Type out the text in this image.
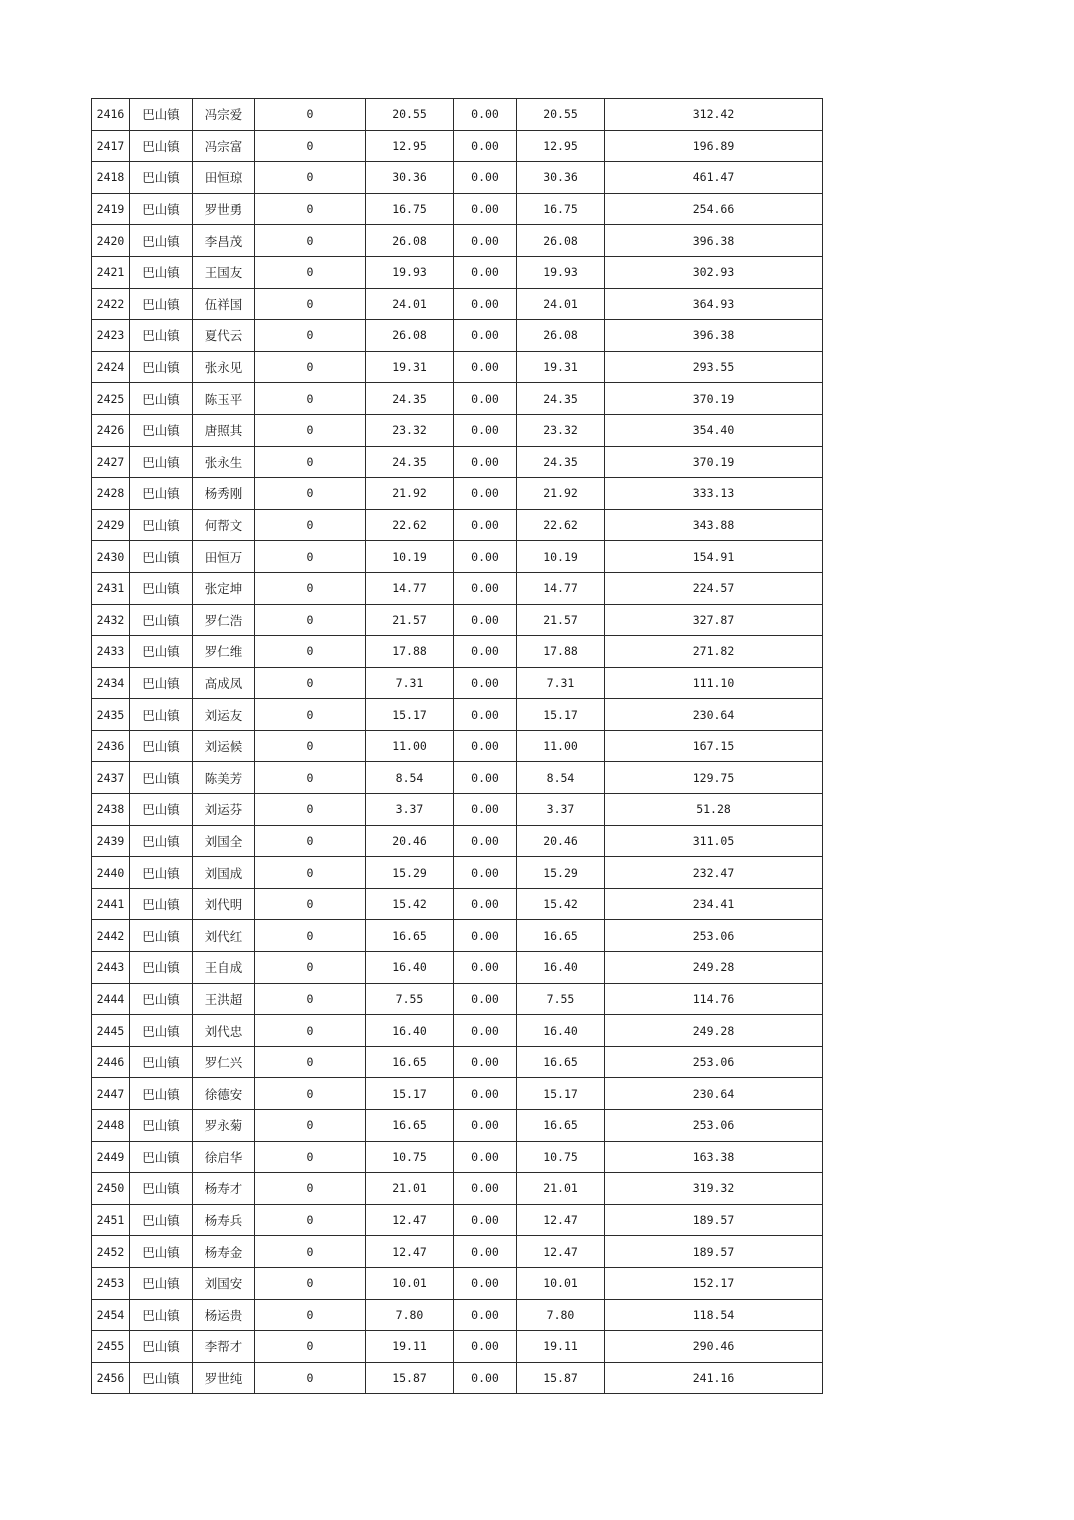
2416	巴山镇	冯宗爱	0	20.55	0.00	20.55	312.42
2417	巴山镇	冯宗富	0	12.95	0.00	12.95	196.89
2418	巴山镇	田恒琼	0	30.36	0.00	30.36	461.47
2419	巴山镇	罗世勇	0	16.75	0.00	16.75	254.66
2420	巴山镇	李昌茂	0	26.08	0.00	26.08	396.38
2421	巴山镇	王国友	0	19.93	0.00	19.93	302.93
2422	巴山镇	伍祥国	0	24.01	0.00	24.01	364.93
2423	巴山镇	夏代云	0	26.08	0.00	26.08	396.38
2424	巴山镇	张永见	0	19.31	0.00	19.31	293.55
2425	巴山镇	陈玉平	0	24.35	0.00	24.35	370.19
2426	巴山镇	唐照其	0	23.32	0.00	23.32	354.40
2427	巴山镇	张永生	0	24.35	0.00	24.35	370.19
2428	巴山镇	杨秀刚	0	21.92	0.00	21.92	333.13
2429	巴山镇	何帮文	0	22.62	0.00	22.62	343.88
2430	巴山镇	田恒万	0	10.19	0.00	10.19	154.91
2431	巴山镇	张定坤	0	14.77	0.00	14.77	224.57
2432	巴山镇	罗仁浩	0	21.57	0.00	21.57	327.87
2433	巴山镇	罗仁维	0	17.88	0.00	17.88	271.82
2434	巴山镇	高成凤	0	7.31	0.00	7.31	111.10
2435	巴山镇	刘运友	0	15.17	0.00	15.17	230.64
2436	巴山镇	刘运候	0	11.00	0.00	11.00	167.15
2437	巴山镇	陈美芳	0	8.54	0.00	8.54	129.75
2438	巴山镇	刘运芬	0	3.37	0.00	3.37	51.28
2439	巴山镇	刘国全	0	20.46	0.00	20.46	311.05
2440	巴山镇	刘国成	0	15.29	0.00	15.29	232.47
2441	巴山镇	刘代明	0	15.42	0.00	15.42	234.41
2442	巴山镇	刘代红	0	16.65	0.00	16.65	253.06
2443	巴山镇	王自成	0	16.40	0.00	16.40	249.28
2444	巴山镇	王洪超	0	7.55	0.00	7.55	114.76
2445	巴山镇	刘代忠	0	16.40	0.00	16.40	249.28
2446	巴山镇	罗仁兴	0	16.65	0.00	16.65	253.06
2447	巴山镇	徐德安	0	15.17	0.00	15.17	230.64
2448	巴山镇	罗永菊	0	16.65	0.00	16.65	253.06
2449	巴山镇	徐启华	0	10.75	0.00	10.75	163.38
2450	巴山镇	杨寿才	0	21.01	0.00	21.01	319.32
2451	巴山镇	杨寿兵	0	12.47	0.00	12.47	189.57
2452	巴山镇	杨寿金	0	12.47	0.00	12.47	189.57
2453	巴山镇	刘国安	0	10.01	0.00	10.01	152.17
2454	巴山镇	杨运贵	0	7.80	0.00	7.80	118.54
2455	巴山镇	李帮才	0	19.11	0.00	19.11	290.46
2456	巴山镇	罗世纯	0	15.87	0.00	15.87	241.16
